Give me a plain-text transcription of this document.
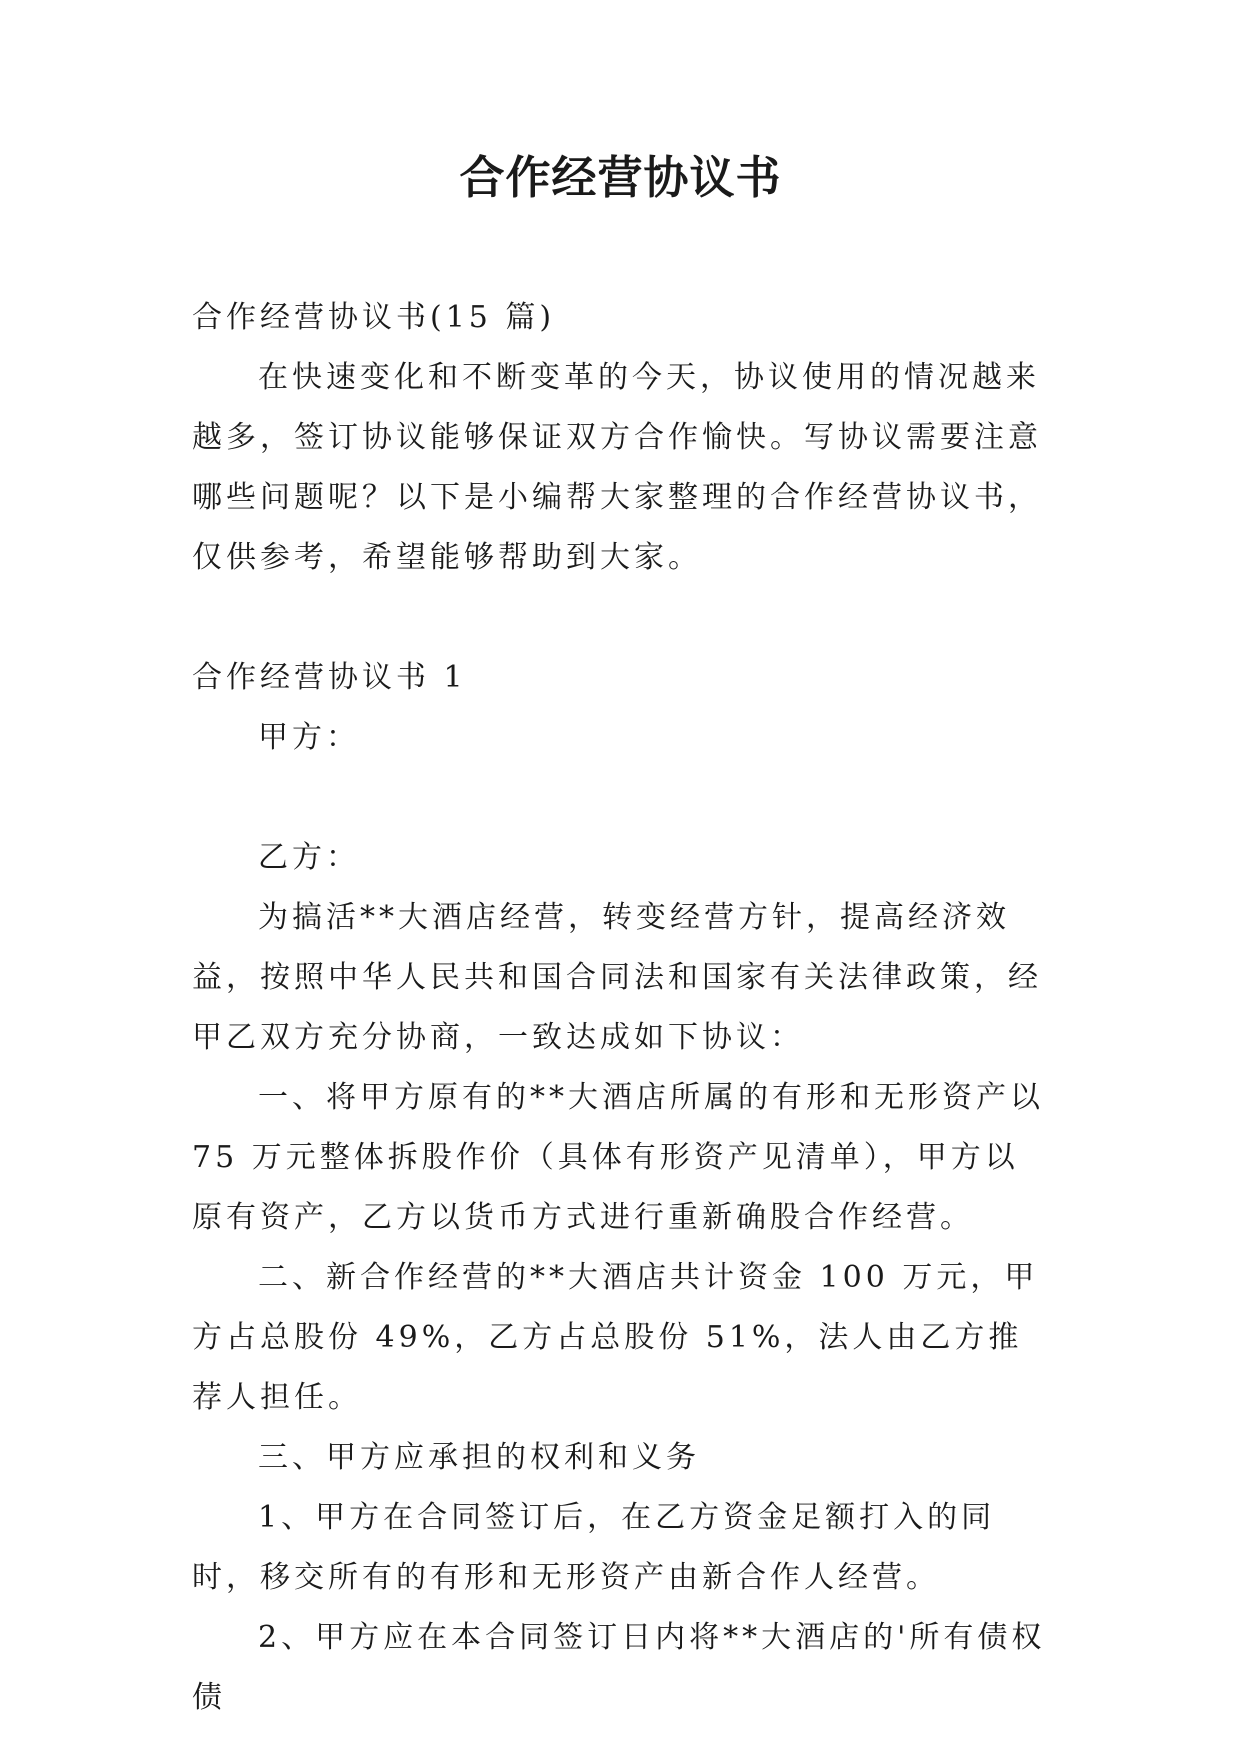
合作经营协议书

合作经营协议书(15 篇)

在快速变化和不断变革的今天，协议使用的情况越来越多，签订协议能够保证双方合作愉快。写协议需要注意哪些问题呢？以下是小编帮大家整理的合作经营协议书，仅供参考，希望能够帮助到大家。

合作经营协议书 1

甲方：

乙方：

为搞活**大酒店经营，转变经营方针，提高经济效益，按照中华人民共和国合同法和国家有关法律政策，经甲乙双方充分协商，一致达成如下协议：

一、将甲方原有的**大酒店所属的有形和无形资产以 75 万元整体拆股作价（具体有形资产见清单），甲方以原有资产，乙方以货币方式进行重新确股合作经营。

二、新合作经营的**大酒店共计资金 100 万元，甲方占总股份 49%，乙方占总股份 51%，法人由乙方推荐人担任。

三、甲方应承担的权利和义务

1、甲方在合同签订后，在乙方资金足额打入的同时，移交所有的有形和无形资产由新合作人经营。

2、甲方应在本合同签订日内将**大酒店的'所有债权债
